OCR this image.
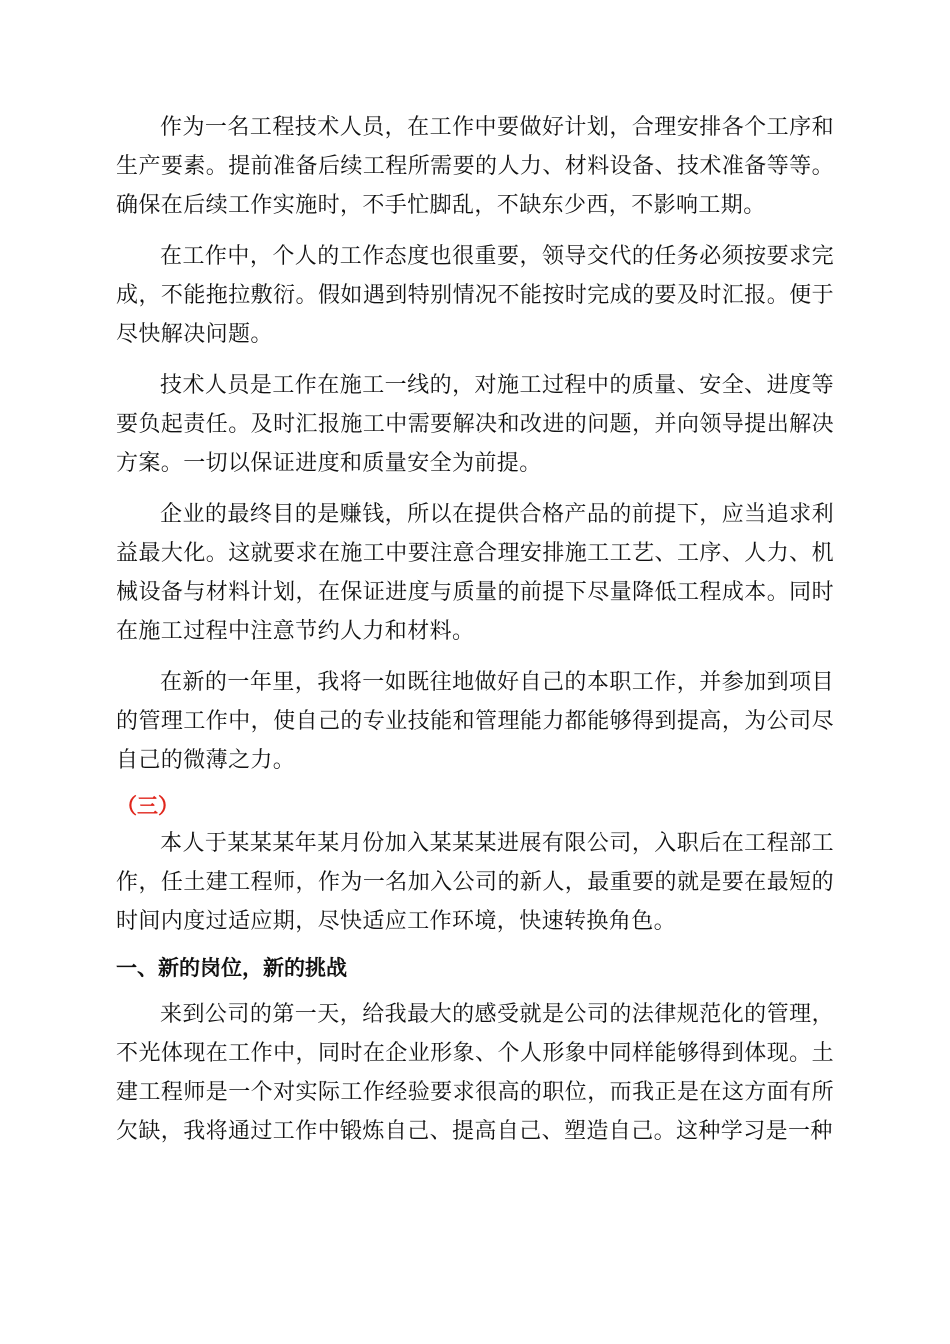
作为一名工程技术人员，在工作中要做好计划，合理安排各个工序和生产要素。提前准备后续工程所需要的人力、材料设备、技术准备等等。确保在后续工作实施时，不手忙脚乱，不缺东少西，不影响工期。

在工作中，个人的工作态度也很重要，领导交代的任务必须按要求完成，不能拖拉敷衍。假如遇到特别情况不能按时完成的要及时汇报。便于尽快解决问题。

技术人员是工作在施工一线的，对施工过程中的质量、安全、进度等要负起责任。及时汇报施工中需要解决和改进的问题，并向领导提出解决方案。一切以保证进度和质量安全为前提。

企业的最终目的是赚钱，所以在提供合格产品的前提下，应当追求利益最大化。这就要求在施工中要注意合理安排施工工艺、工序、人力、机械设备与材料计划，在保证进度与质量的前提下尽量降低工程成本。同时在施工过程中注意节约人力和材料。

在新的一年里，我将一如既往地做好自己的本职工作，并参加到项目的管理工作中，使自己的专业技能和管理能力都能够得到提高，为公司尽自己的微薄之力。

（三）

本人于某某某年某月份加入某某某进展有限公司，入职后在工程部工作，任土建工程师，作为一名加入公司的新人，最重要的就是要在最短的时间内度过适应期，尽快适应工作环境，快速转换角色。

一、新的岗位，新的挑战

来到公司的第一天，给我最大的感受就是公司的法律规范化的管理，不光体现在工作中，同时在企业形象、个人形象中同样能够得到体现。土建工程师是一个对实际工作经验要求很高的职位，而我正是在这方面有所欠缺，我将通过工作中锻炼自己、提高自己、塑造自己。这种学习是一种
